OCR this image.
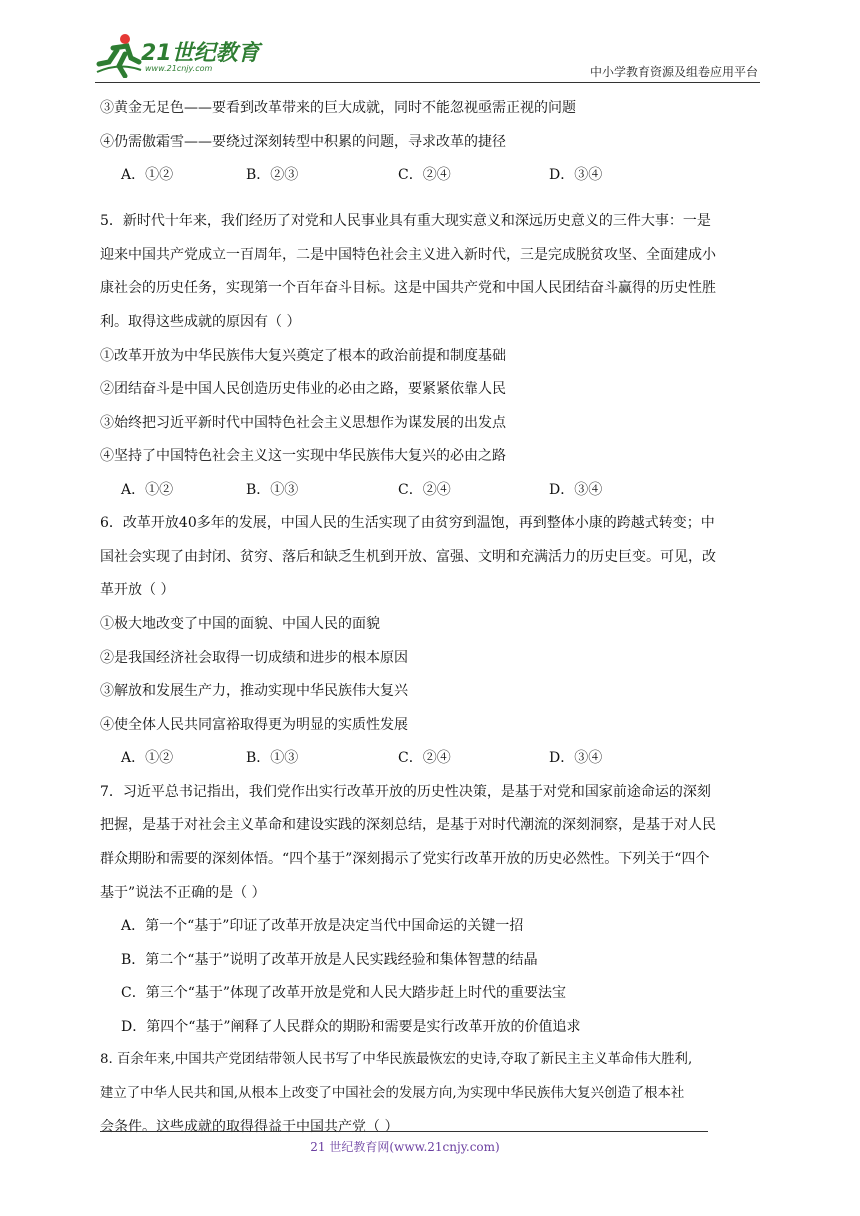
21世纪教育
www.21cnjy.com	中小学教育资源及组卷应用平台
③黄金无足色——要看到改革带来的巨大成就，同时不能忽视亟需正视的问题
④仍需傲霜雪——要绕过深刻转型中积累的问题，寻求改革的捷径
A．①②	B．②③	C．②④	D．③④
5．新时代十年来，我们经历了对党和人民事业具有重大现实意义和深远历史意义的三件大事：一是
迎来中国共产党成立一百周年，二是中国特色社会主义进入新时代，三是完成脱贫攻坚、全面建成小
康社会的历史任务，实现第一个百年奋斗目标。这是中国共产党和中国人民团结奋斗赢得的历史性胜
利。取得这些成就的原因有（ ）
①改革开放为中华民族伟大复兴奠定了根本的政治前提和制度基础
②团结奋斗是中国人民创造历史伟业的必由之路，要紧紧依靠人民
③始终把习近平新时代中国特色社会主义思想作为谋发展的出发点
④坚持了中国特色社会主义这一实现中华民族伟大复兴的必由之路
A．①②	B．①③	C．②④	D．③④
6．改革开放40多年的发展，中国人民的生活实现了由贫穷到温饱，再到整体小康的跨越式转变；中
国社会实现了由封闭、贫穷、落后和缺乏生机到开放、富强、文明和充满活力的历史巨变。可见，改
革开放（ ）
①极大地改变了中国的面貌、中国人民的面貌
②是我国经济社会取得一切成绩和进步的根本原因
③解放和发展生产力，推动实现中华民族伟大复兴
④使全体人民共同富裕取得更为明显的实质性发展
A．①②	B．①③	C．②④	D．③④
7．习近平总书记指出，我们党作出实行改革开放的历史性决策，是基于对党和国家前途命运的深刻
把握，是基于对社会主义革命和建设实践的深刻总结，是基于对时代潮流的深刻洞察，是基于对人民
群众期盼和需要的深刻体悟。“四个基于”深刻揭示了党实行改革开放的历史必然性。下列关于“四个
基于”说法不正确的是（ ）
A．第一个“基于”印证了改革开放是决定当代中国命运的关键一招
B．第二个“基于”说明了改革开放是人民实践经验和集体智慧的结晶
C．第三个“基于”体现了改革开放是党和人民大踏步赶上时代的重要法宝
D．第四个“基于”阐释了人民群众的期盼和需要是实行改革开放的价值追求
8. 百余年来,中国共产党团结带领人民书写了中华民族最恢宏的史诗,夺取了新民主主义革命伟大胜利,
建立了中华人民共和国,从根本上改变了中国社会的发展方向,为实现中华民族伟大复兴创造了根本社
会条件。这些成就的取得得益于中国共产党（ ）
21 世纪教育网(www.21cnjy.com)
